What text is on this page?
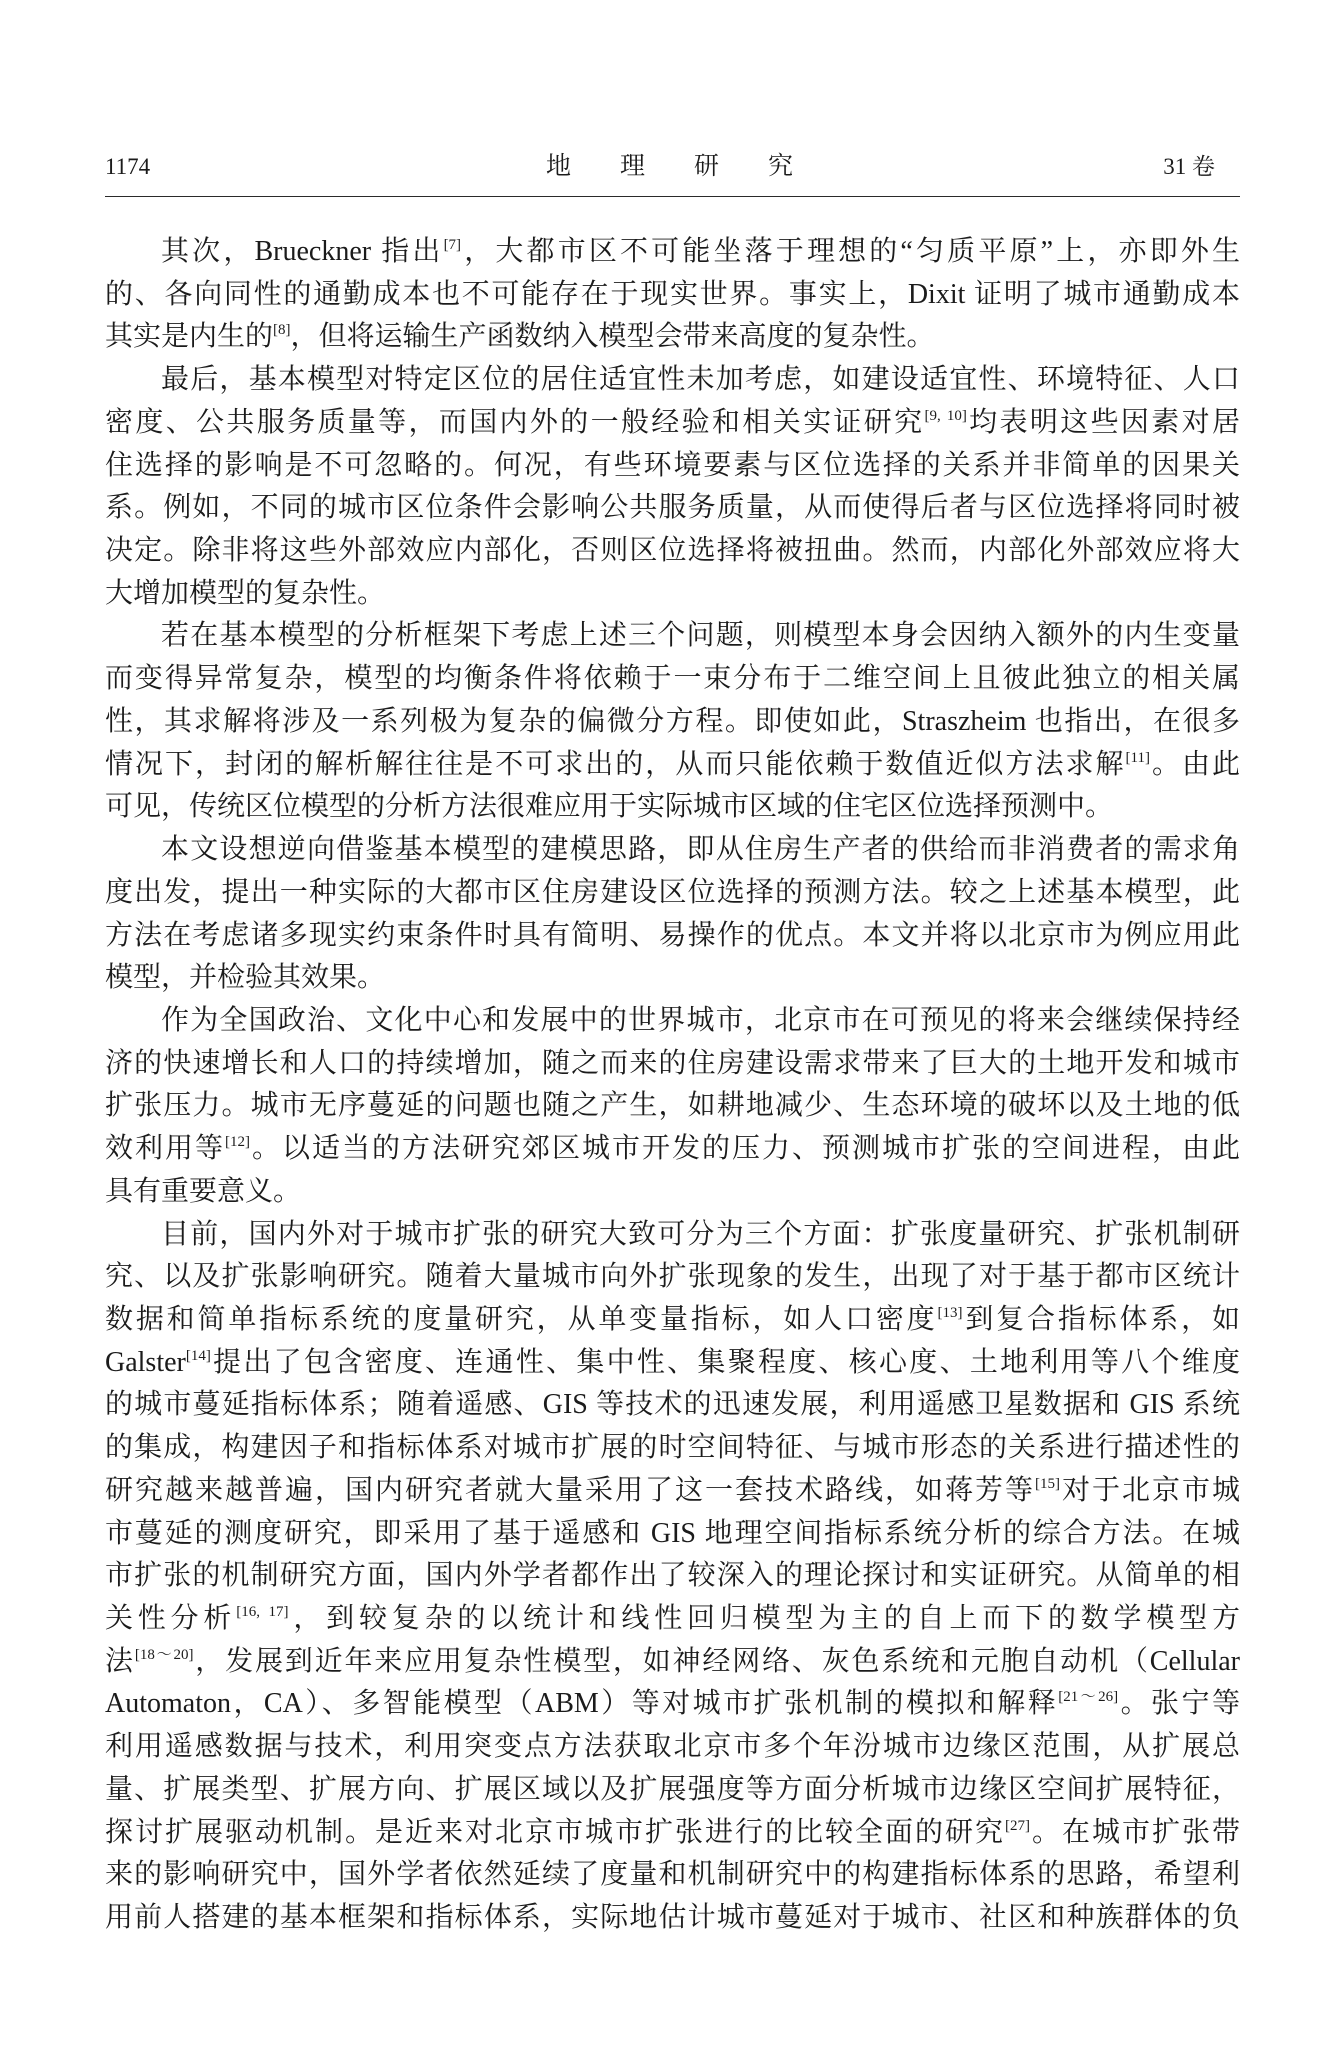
1174	地理研究	31 卷
其次，Brueckner 指出[7]，大都市区不可能坐落于理想的“匀质平原”上，亦即外生
的、各向同性的通勤成本也不可能存在于现实世界。事实上，Dixit 证明了城市通勤成本
其实是内生的[8]，但将运输生产函数纳入模型会带来高度的复杂性。
最后，基本模型对特定区位的居住适宜性未加考虑，如建设适宜性、环境特征、人口
密度、公共服务质量等，而国内外的一般经验和相关实证研究[9, 10]均表明这些因素对居
住选择的影响是不可忽略的。何况，有些环境要素与区位选择的关系并非简单的因果关
系。例如，不同的城市区位条件会影响公共服务质量，从而使得后者与区位选择将同时被
决定。除非将这些外部效应内部化，否则区位选择将被扭曲。然而，内部化外部效应将大
大增加模型的复杂性。
若在基本模型的分析框架下考虑上述三个问题，则模型本身会因纳入额外的内生变量
而变得异常复杂，模型的均衡条件将依赖于一束分布于二维空间上且彼此独立的相关属
性，其求解将涉及一系列极为复杂的偏微分方程。即使如此，Straszheim 也指出，在很多
情况下，封闭的解析解往往是不可求出的，从而只能依赖于数值近似方法求解[11]。由此
可见，传统区位模型的分析方法很难应用于实际城市区域的住宅区位选择预测中。
本文设想逆向借鉴基本模型的建模思路，即从住房生产者的供给而非消费者的需求角
度出发，提出一种实际的大都市区住房建设区位选择的预测方法。较之上述基本模型，此
方法在考虑诸多现实约束条件时具有简明、易操作的优点。本文并将以北京市为例应用此
模型，并检验其效果。
作为全国政治、文化中心和发展中的世界城市，北京市在可预见的将来会继续保持经
济的快速增长和人口的持续增加，随之而来的住房建设需求带来了巨大的土地开发和城市
扩张压力。城市无序蔓延的问题也随之产生，如耕地减少、生态环境的破坏以及土地的低
效利用等[12]。以适当的方法研究郊区城市开发的压力、预测城市扩张的空间进程，由此
具有重要意义。
目前，国内外对于城市扩张的研究大致可分为三个方面：扩张度量研究、扩张机制研
究、以及扩张影响研究。随着大量城市向外扩张现象的发生，出现了对于基于都市区统计
数据和简单指标系统的度量研究，从单变量指标，如人口密度[13]到复合指标体系，如
Galster[14]提出了包含密度、连通性、集中性、集聚程度、核心度、土地利用等八个维度
的城市蔓延指标体系；随着遥感、GIS 等技术的迅速发展，利用遥感卫星数据和 GIS 系统
的集成，构建因子和指标体系对城市扩展的时空间特征、与城市形态的关系进行描述性的
研究越来越普遍，国内研究者就大量采用了这一套技术路线，如蒋芳等[15]对于北京市城
市蔓延的测度研究，即采用了基于遥感和 GIS 地理空间指标系统分析的综合方法。在城
市扩张的机制研究方面，国内外学者都作出了较深入的理论探讨和实证研究。从简单的相
关性分析[16, 17]，到较复杂的以统计和线性回归模型为主的自上而下的数学模型方
法[18～20]，发展到近年来应用复杂性模型，如神经网络、灰色系统和元胞自动机（Cellular
Automaton，CA）、多智能模型（ABM）等对城市扩张机制的模拟和解释[21～26]。张宁等
利用遥感数据与技术，利用突变点方法获取北京市多个年汾城市边缘区范围，从扩展总
量、扩展类型、扩展方向、扩展区域以及扩展强度等方面分析城市边缘区空间扩展特征，
探讨扩展驱动机制。是近来对北京市城市扩张进行的比较全面的研究[27]。在城市扩张带
来的影响研究中，国外学者依然延续了度量和机制研究中的构建指标体系的思路，希望利
用前人搭建的基本框架和指标体系，实际地估计城市蔓延对于城市、社区和种族群体的负
